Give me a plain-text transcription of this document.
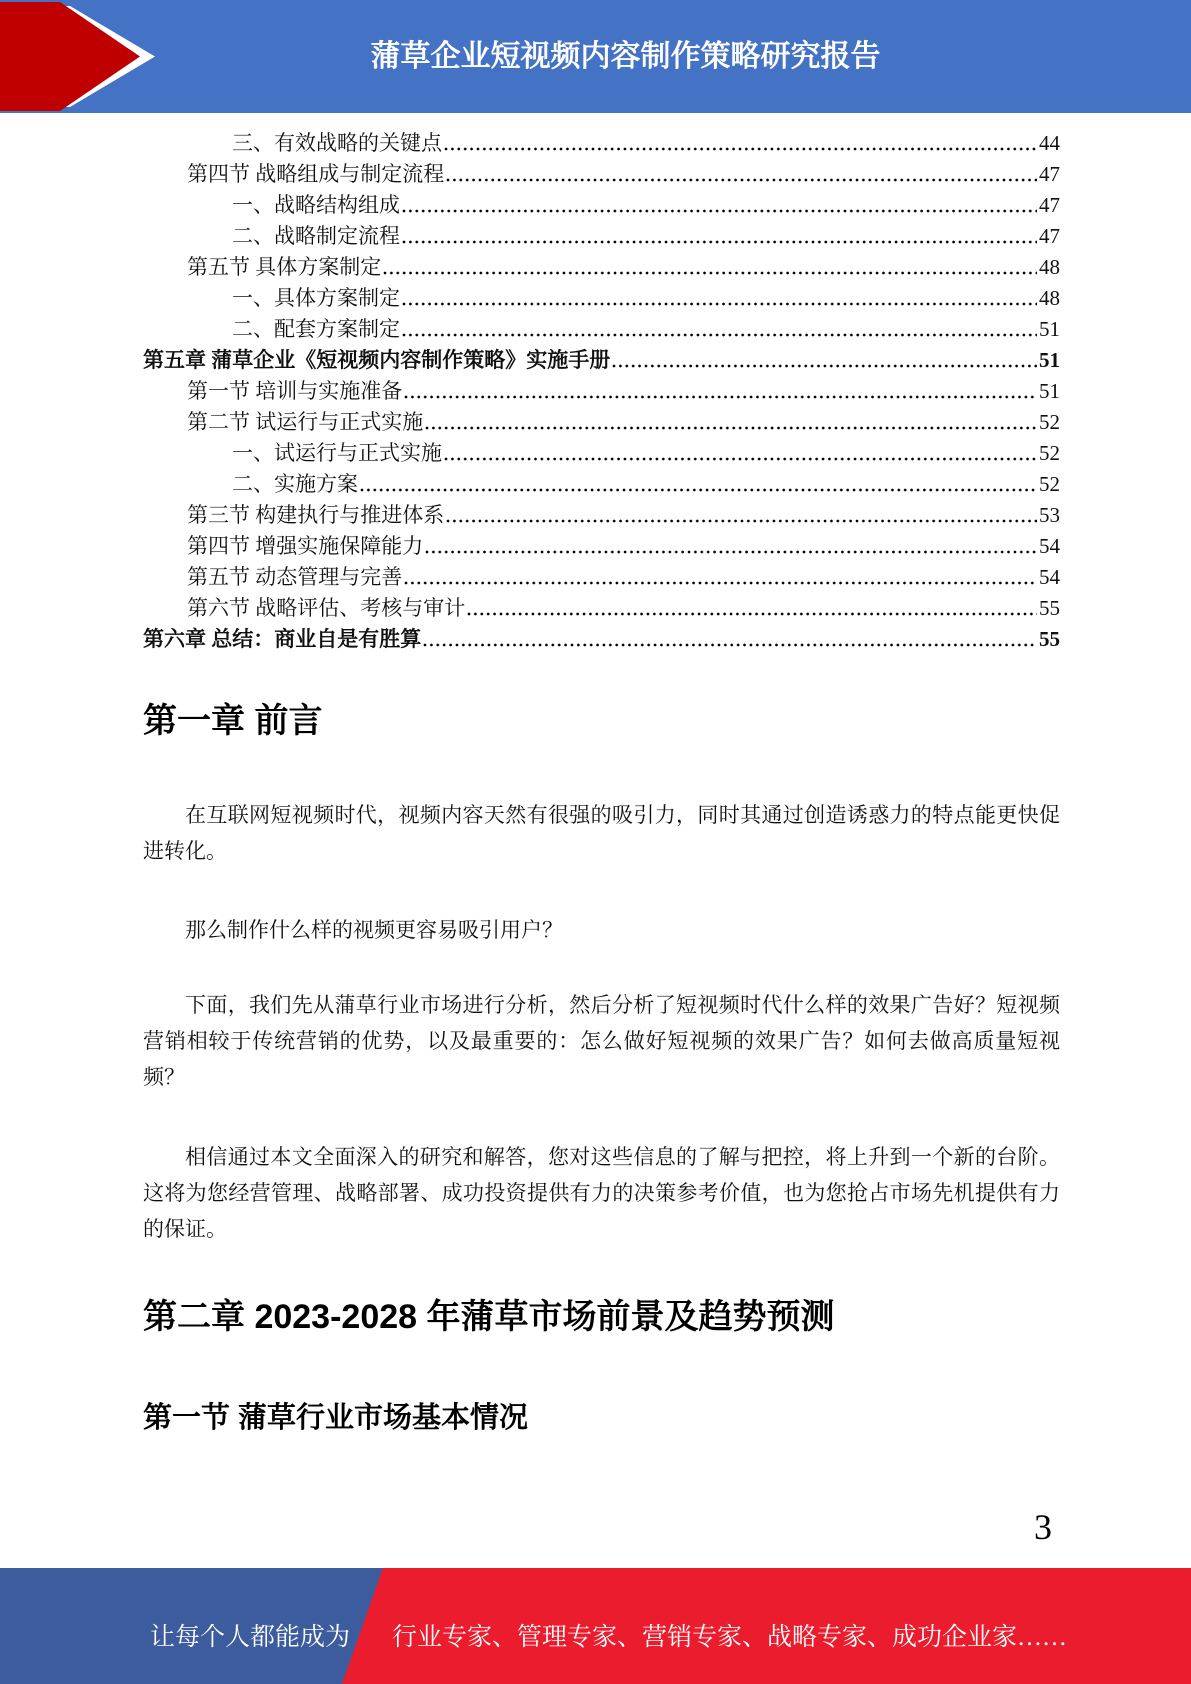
蒲草企业短视频内容制作策略研究报告
三、有效战略的关键点	44
第四节 战略组成与制定流程	47
一、战略结构组成	47
二、战略制定流程	47
第五节 具体方案制定	48
一、具体方案制定	48
二、配套方案制定	51
第五章 蒲草企业《短视频内容制作策略》实施手册	51
第一节 培训与实施准备	51
第二节 试运行与正式实施	52
一、试运行与正式实施	52
二、实施方案	52
第三节 构建执行与推进体系	53
第四节 增强实施保障能力	54
第五节 动态管理与完善	54
第六节 战略评估、考核与审计	55
第六章 总结：商业自是有胜算	55
第一章 前言

在互联网短视频时代，视频内容天然有很强的吸引力，同时其通过创造诱惑力的特点能更快促进转化。

那么制作什么样的视频更容易吸引用户？

下面，我们先从蒲草行业市场进行分析，然后分析了短视频时代什么样的效果广告好？短视频营销相较于传统营销的优势，以及最重要的：怎么做好短视频的效果广告？如何去做高质量短视频？

相信通过本文全面深入的研究和解答，您对这些信息的了解与把控，将上升到一个新的台阶。这将为您经营管理、战略部署、成功投资提供有力的决策参考价值，也为您抢占市场先机提供有力的保证。

第二章 2023-2028 年蒲草市场前景及趋势预测
第一节 蒲草行业市场基本情况
3
让每个人都能成为 行业专家、管理专家、营销专家、战略专家、成功企业家……
